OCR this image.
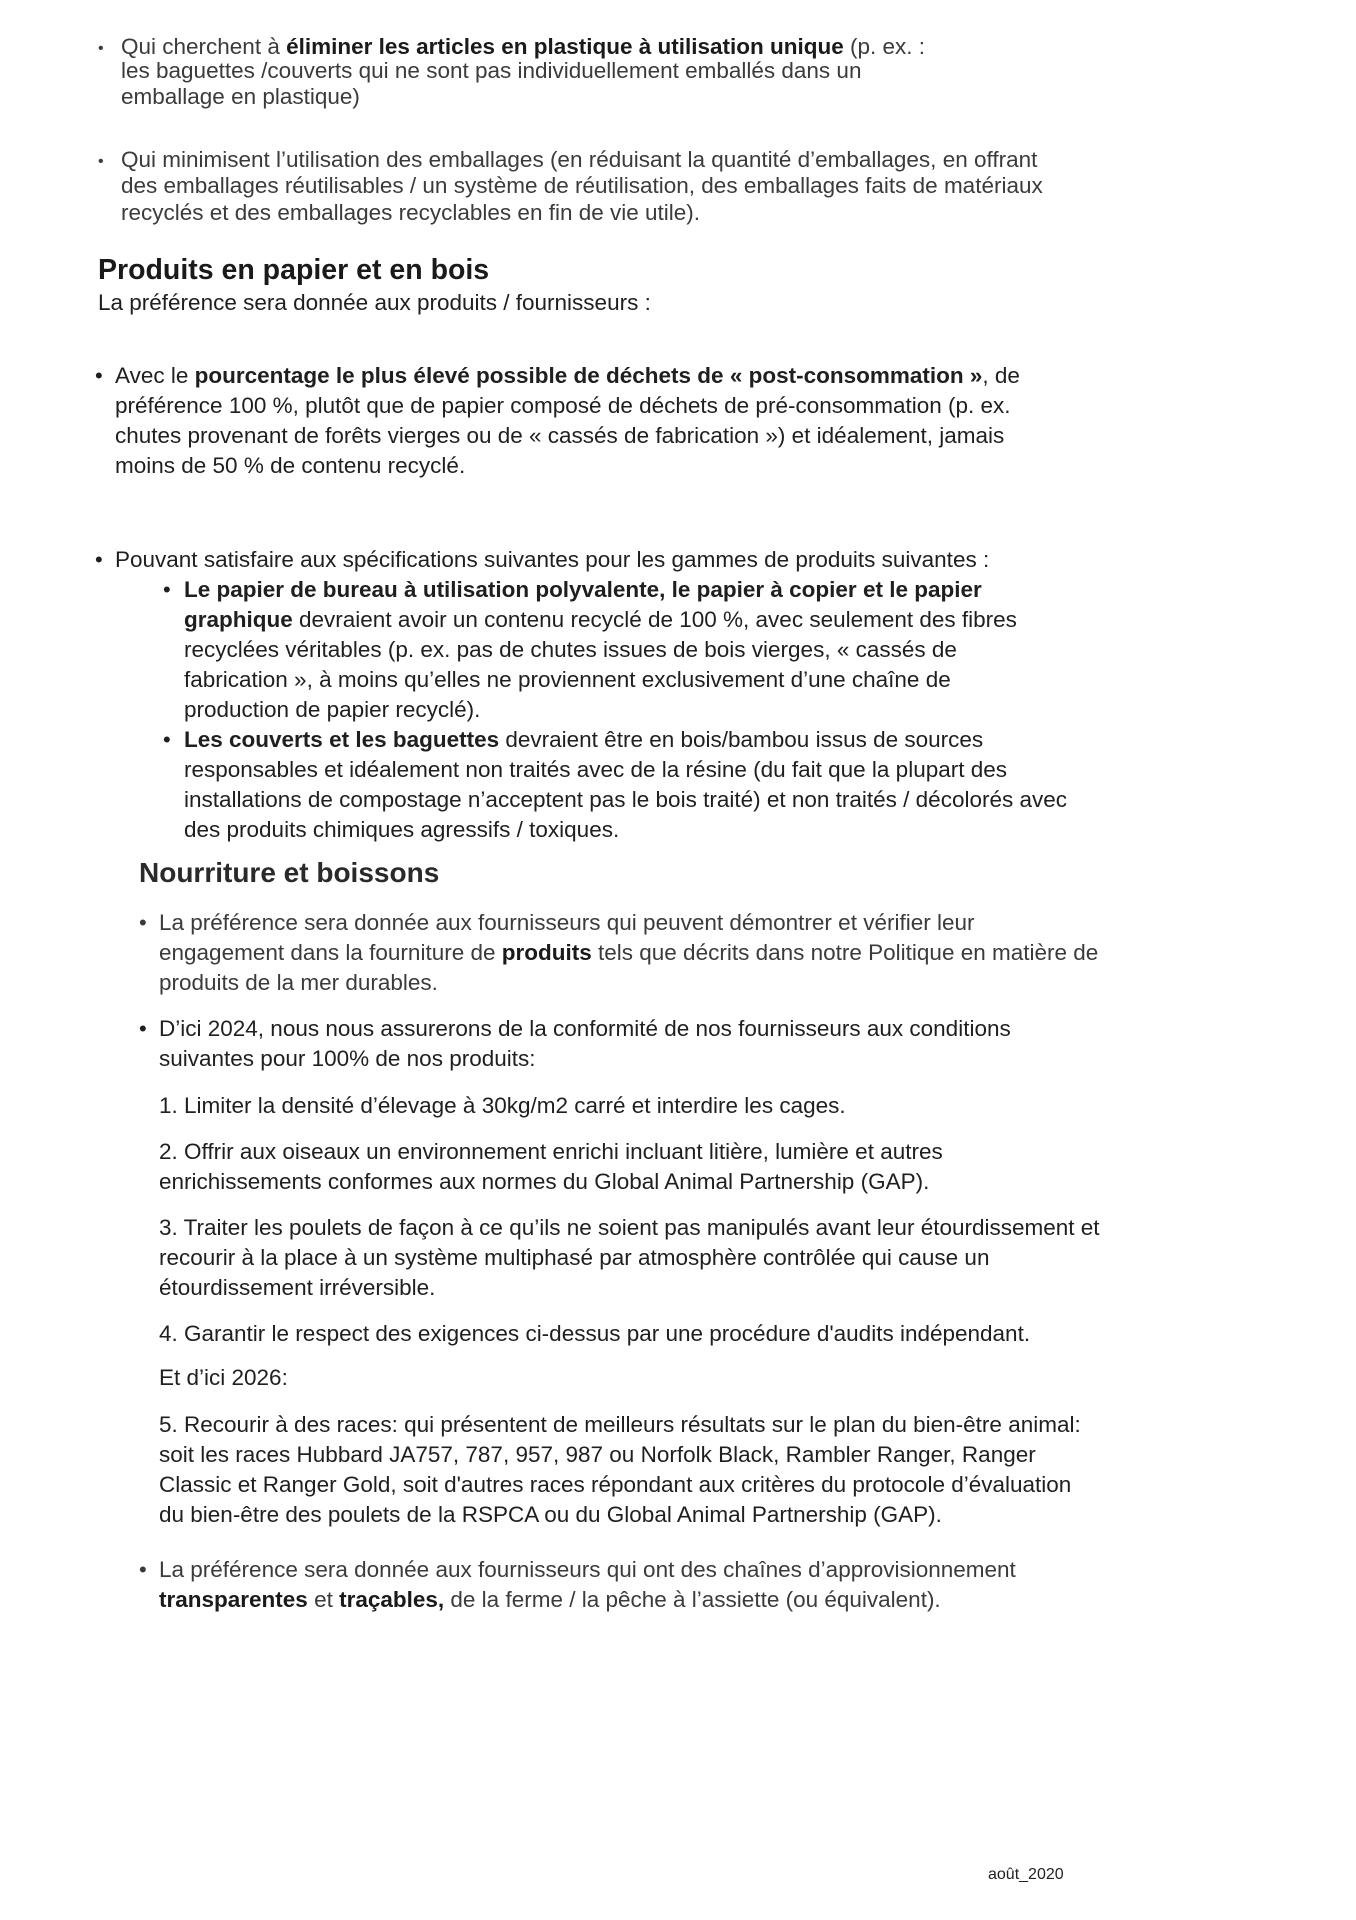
• Qui cherchent à éliminer les articles en plastique à utilisation unique (p. ex. :
les baguettes /couverts qui ne sont pas individuellement emballés dans un
emballage en plastique)
• Qui minimisent l’utilisation des emballages (en réduisant la quantité d’emballages, en offrant
des emballages réutilisables / un système de réutilisation, des emballages faits de matériaux
recyclés et des emballages recyclables en fin de vie utile).
Produits en papier et en bois
La préférence sera donnée aux produits / fournisseurs :
• Avec le pourcentage le plus élevé possible de déchets de « post-consommation », de
préférence 100 %, plutôt que de papier composé de déchets de pré-consommation (p. ex.
chutes provenant de forêts vierges ou de « cassés de fabrication ») et idéalement, jamais
moins de 50 % de contenu recyclé.
• Pouvant satisfaire aux spécifications suivantes pour les gammes de produits suivantes :
• Le papier de bureau à utilisation polyvalente, le papier à copier et le papier
graphique devraient avoir un contenu recyclé de 100 %, avec seulement des fibres
recyclées véritables (p. ex. pas de chutes issues de bois vierges, « cassés de
fabrication », à moins qu’elles ne proviennent exclusivement d’une chaîne de
production de papier recyclé).
• Les couverts et les baguettes devraient être en bois/bambou issus de sources
responsables et idéalement non traités avec de la résine (du fait que la plupart des
installations de compostage n’acceptent pas le bois traité) et non traités / décolorés avec
des produits chimiques agressifs / toxiques.
Nourriture et boissons
• La préférence sera donnée aux fournisseurs qui peuvent démontrer et vérifier leur
engagement dans la fourniture de produits tels que décrits dans notre Politique en matière de
produits de la mer durables.
• D’ici 2024, nous nous assurerons de la conformité de nos fournisseurs aux conditions
suivantes pour 100% de nos produits:
1. Limiter la densité d’élevage à 30kg/m2 carré et interdire les cages.
2. Offrir aux oiseaux un environnement enrichi incluant litière, lumière et autres
enrichissements conformes aux normes du Global Animal Partnership (GAP).
3. Traiter les poulets de façon à ce qu’ils ne soient pas manipulés avant leur étourdissement et
recourir à la place à un système multiphasé par atmosphère contrôlée qui cause un
étourdissement irréversible.
4. Garantir le respect des exigences ci-dessus par une procédure d'audits indépendant.
Et d’ici 2026:
5. Recourir à des races: qui présentent de meilleurs résultats sur le plan du bien-être animal:
soit les races Hubbard JA757, 787, 957, 987 ou Norfolk Black, Rambler Ranger, Ranger
Classic et Ranger Gold, soit d'autres races répondant aux critères du protocole d’évaluation
du bien-être des poulets de la RSPCA ou du Global Animal Partnership (GAP).
• La préférence sera donnée aux fournisseurs qui ont des chaînes d’approvisionnement
transparentes et traçables, de la ferme / la pêche à l’assiette (ou équivalent).
août_2020
